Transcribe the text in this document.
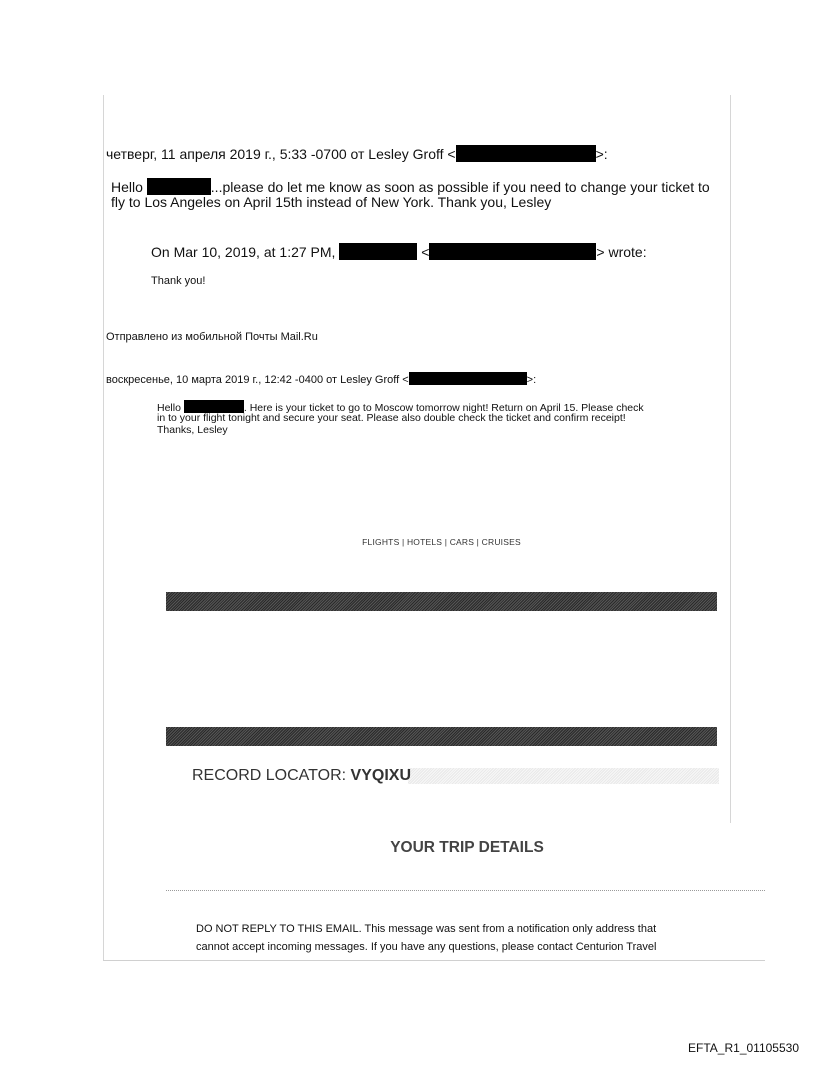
четверг, 11 апреля 2019 г., 5:33 -0700 от Lesley Groff <	>:
Hello	...please do let me know as soon as possible if you need to change your ticket to
fly to Los Angeles on April 15th instead of New York. Thank you, Lesley
On Mar 10, 2019, at 1:27 PM,	<	> wrote:
Thank you!
Отправлено из мобильной Почты Mail.Ru
воскресенье, 10 марта 2019 г., 12:42 -0400 от Lesley Groff <	>:
Hello	. Here is your ticket to go to Moscow tomorrow night! Return on April 15. Please check
in to your flight tonight and secure your seat. Please also double check the ticket and confirm receipt!
Thanks, Lesley
FLIGHTS | HOTELS | CARS | CRUISES
RECORD LOCATOR: VYQIXU
YOUR TRIP DETAILS
DO NOT REPLY TO THIS EMAIL. This message was sent from a notification only address that
cannot accept incoming messages. If you have any questions, please contact Centurion Travel
EFTA_R1_01105530
